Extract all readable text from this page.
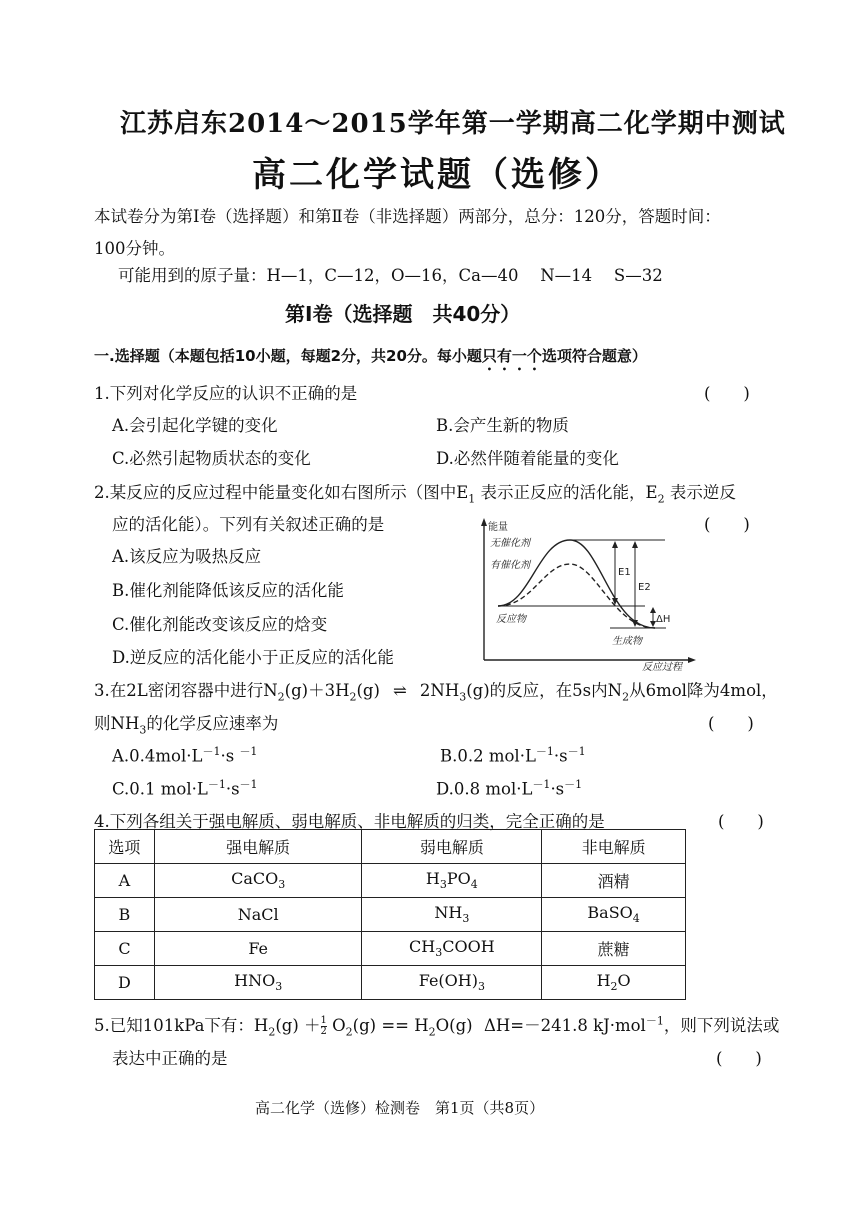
江苏启东2014～2015学年第一学期高二化学期中测试
高二化学试题（选修）
本试卷分为第Ⅰ卷（选择题）和第Ⅱ卷（非选择题）两部分，总分：120分，答题时间：
100分钟。
可能用到的原子量：H—1，C—12，O—16，Ca—40　 N—14　 S—32
第Ⅰ卷（选择题　共40分）
一.选择题（本题包括10小题，每题2分，共20分。每小题只有一个选项符合题意）
1.下列对化学反应的认识不正确的是	(　　)
A.会引起化学键的变化	B.会产生新的物质
C.必然引起物质状态的变化	D.必然伴随着能量的变化
2.某反应的反应过程中能量变化如右图所示（图中$E_1$ 表示正反应的活化能，$E_2$ 表示逆反
应的活化能）。下列有关叙述正确的是	(　　)
A.该反应为吸热反应
B.催化剂能降低该反应的活化能
C.催化剂能改变该反应的焓变
D.逆反应的活化能小于正反应的活化能
能量
无催化剂
有催化剂
反应物
生成物
E1
E2
ΔH
反应过程
3.在2L密闭容器中进行$N_2(g)+3H_2(g)$ ⇌ $2NH_3(g)$的反应，在5s内$N_2$从6mol降为4mol，
则$NH_3$的化学反应速率为	(　　)
$A.0.4mol\cdot L^{-1}\cdot s$ $^{-1}$	B.0.2 $mol\cdot L^{-1}\cdot s^{-1}$
C.0.1 $mol\cdot L^{-1}\cdot s^{-1}$	D.0.8 $mol\cdot L^{-1}\cdot s^{-1}$
4.下列各组关于强电解质、弱电解质、非电解质的归类，完全正确的是	(　　)
选项	强电解质	弱电解质	非电解质
A	CaCO$_3$	$H_3PO_4$	酒精
B	NaCl	$NH_3$	BaSO$_4$
C	Fe	$CH_3COOH$	蔗糖
D	$HNO_3$	$Fe(OH)_3$	$H_2O$
5.已知101kPa下有：$H_2(g) + \frac{1}{2} O_2(g) == H_2O(g)$ ΔH=－241.8 kJ·mol$^{-1}$，则下列说法或
表达中正确的是	(　　)
高二化学（选修）检测卷　第1页（共8页）
